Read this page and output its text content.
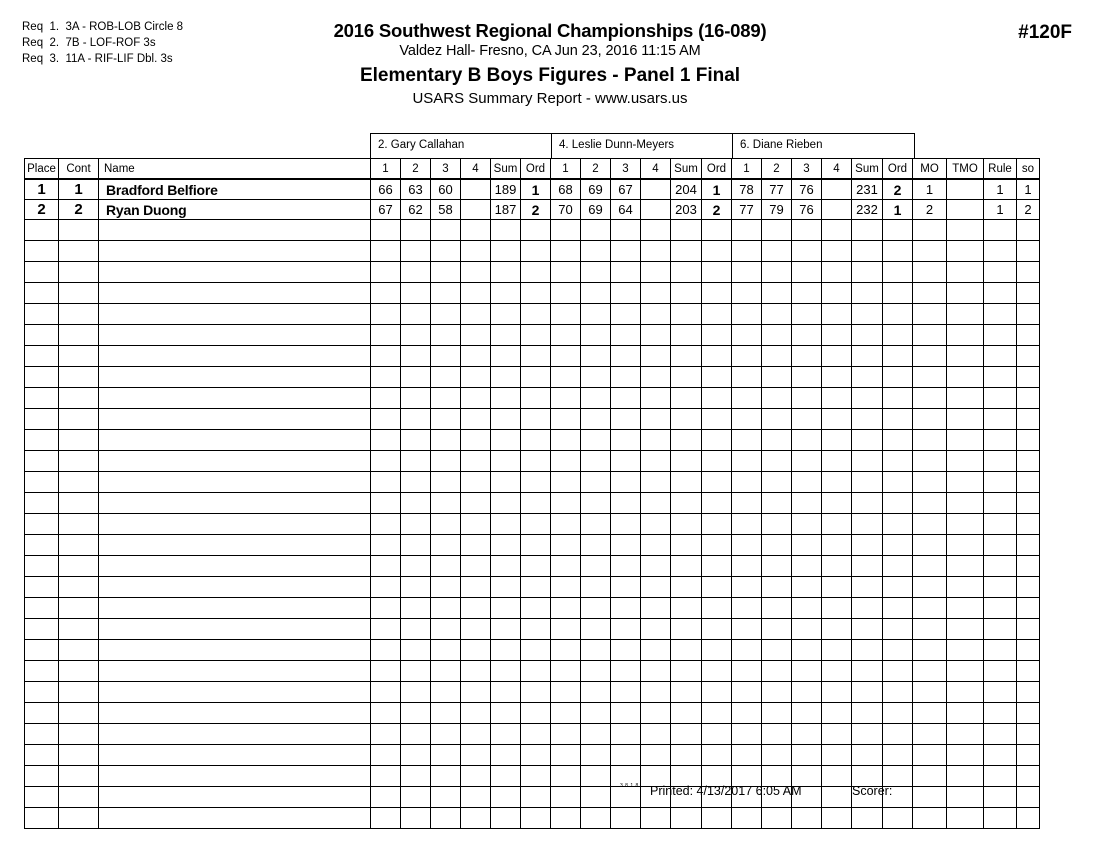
Req  1.  3A - ROB-LOB Circle 8
Req  2.  7B - LOF-ROF 3s
Req  3.  11A - RIF-LIF Dbl. 3s
2016 Southwest Regional Championships (16-089)
Valdez Hall- Fresno, CA Jun 23, 2016 11:15 AM
Elementary B Boys Figures - Panel 1 Final
USARS Summary Report - www.usars.us
#120F
2. Gary Callahan	4. Leslie Dunn-Meyers	6. Diane Rieben
Place	Cont	Name	1	2	3	4	Sum	Ord	1	2	3	4	Sum	Ord	1	2	3	4	Sum	Ord	MO	TMO	Rule	so
1	1	Bradford Belfiore	66	63	60		189	1	68	69	67		204	1	78	77	76		231	2	1		1	1
2	2	Ryan Duong	67	62	58		187	2	70	69	64		203	2	77	79	76		232	1	2		1	2

3.8.1.8 Printed: 4/13/2017 6:05 AM	Scorer:
